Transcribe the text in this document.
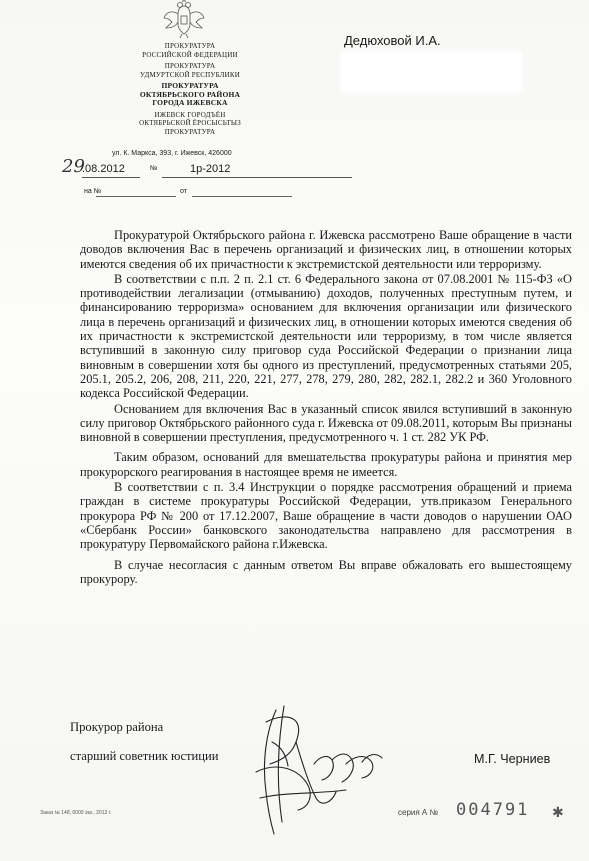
ПРОКУРАТУРА
РОССИЙСКОЙ ФЕДЕРАЦИИ
ПРОКУРАТУРА
УДМУРТСКОЙ РЕСПУБЛИКИ
ПРОКУРАТУРА
ОКТЯБРЬСКОГО РАЙОНА
ГОРОДА ИЖЕВСКА
ИЖЕВСК ГОРОДЪЁН
ОКТЯБРЬСКОЙ ЁРОСЫСЬТЫЗ
ПРОКУРАТУРА
ул. К. Маркса, 393, г. Ижевск, 426000
29
.08.2012	№	1р-2012
на №	от
Дедюховой И.А.

Прокуратурой Октябрьского района г. Ижевска рассмотрено Ваше обращение в части доводов включения Вас в перечень организаций и физических лиц, в отношении которых имеются сведения об их причастности к экстремистской деятельности или терроризму.

В соответствии с п.п. 2 п. 2.1 ст. 6 Федерального закона от 07.08.2001 № 115-ФЗ «О противодействии легализации (отмыванию) доходов, полученных преступным путем, и финансированию терроризма» основанием для включения организации или физического лица в перечень организаций и физических лиц, в отношении которых имеются сведения об их причастности к экстремистской деятельности или терроризму, в том числе является вступивший в законную силу приговор суда Российской Федерации о признании лица виновным в совершении хотя бы одного из преступлений, предусмотренных статьями 205, 205.1, 205.2, 206, 208, 211, 220, 221, 277, 278, 279, 280, 282, 282.1, 282.2 и 360 Уголовного кодекса Российской Федерации.

Основанием для включения Вас в указанный список явился вступивший в законную силу приговор Октябрьского районного суда г. Ижевска от 09.08.2011, которым Вы признаны виновной в совершении преступления, предусмотренного ч. 1 ст. 282 УК РФ.

Таким образом, оснований для вмешательства прокуратуры района и принятия мер прокурорского реагирования в настоящее время не имеется.

В соответствии с п. 3.4 Инструкции о порядке рассмотрения обращений и приема граждан в системе прокуратуры Российской Федерации, утв.приказом Генерального прокурора РФ № 200 от 17.12.2007, Ваше обращение в части доводов о нарушении ОАО «Сбербанк России» банковского законодательства направлено для рассмотрения в прокуратуру Первомайского района г.Ижевска.

В случае несогласия с данным ответом Вы вправе обжаловать его вышестоящему прокурору.

Прокурор района
старший советник юстиции	М.Г. Черниев
Заказ № 148, 6000 экз., 2012 г.	серия А № 004791 ✱
